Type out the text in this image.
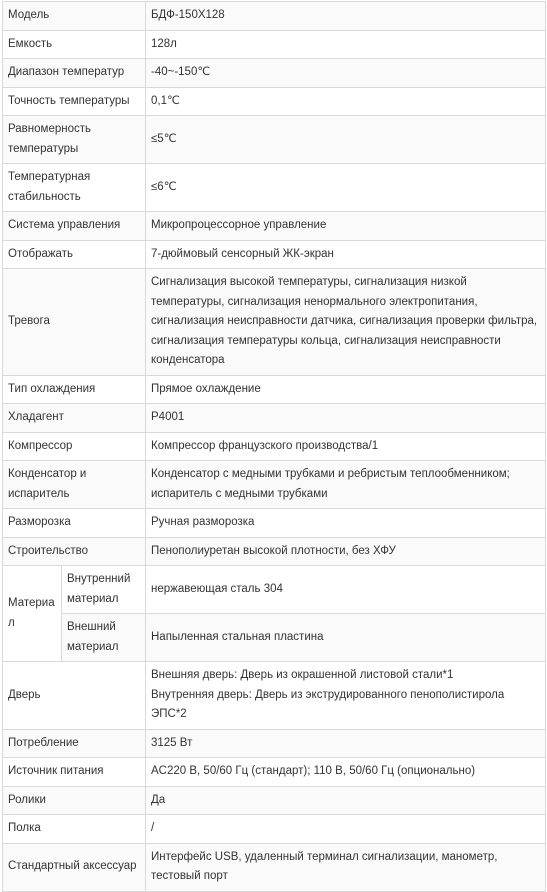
Модель		БДФ-150X128
Емкость		128л
Диапазон температур		-40~-150℃
Точность температуры		0,1℃
Равномерность температуры		≤5℃
Температурная стабильность		≤6℃
Система управления		Микропроцессорное управление
Отображать		7-дюймовый сенсорный ЖК-экран
Тревога		Сигнализация высокой температуры, сигнализация низкой температуры, сигнализация ненормального электропитания, сигнализация неисправности датчика, сигнализация проверки фильтра, сигнализация температуры кольца, сигнализация неисправности конденсатора
Тип охлаждения		Прямое охлаждение
Хладагент		Р4001
Компрессор		Компрессор французского производства/1
Конденсатор и испаритель		Конденсатор с медными трубками и ребристым теплообменником; испаритель с медными трубками
Разморозка		Ручная разморозка
Строительство		Пенополиуретан высокой плотности, без ХФУ
Материал	Внутренний материал	нержавеющая сталь 304
	Внешний материал	Напыленная стальная пластина
Дверь		Внешняя дверь: Дверь из окрашенной листовой стали*1
Внутренняя дверь: Дверь из экструдированного пенополистирола ЭПС*2

Потребление		3125 Вт
Источник питания		AC220 В, 50/60 Гц (стандарт); 110 В, 50/60 Гц (опционально)
Ролики		Да
Полка		/
Стандартный аксессуар		Интерфейс USB, удаленный терминал сигнализации, манометр, тестовый порт
